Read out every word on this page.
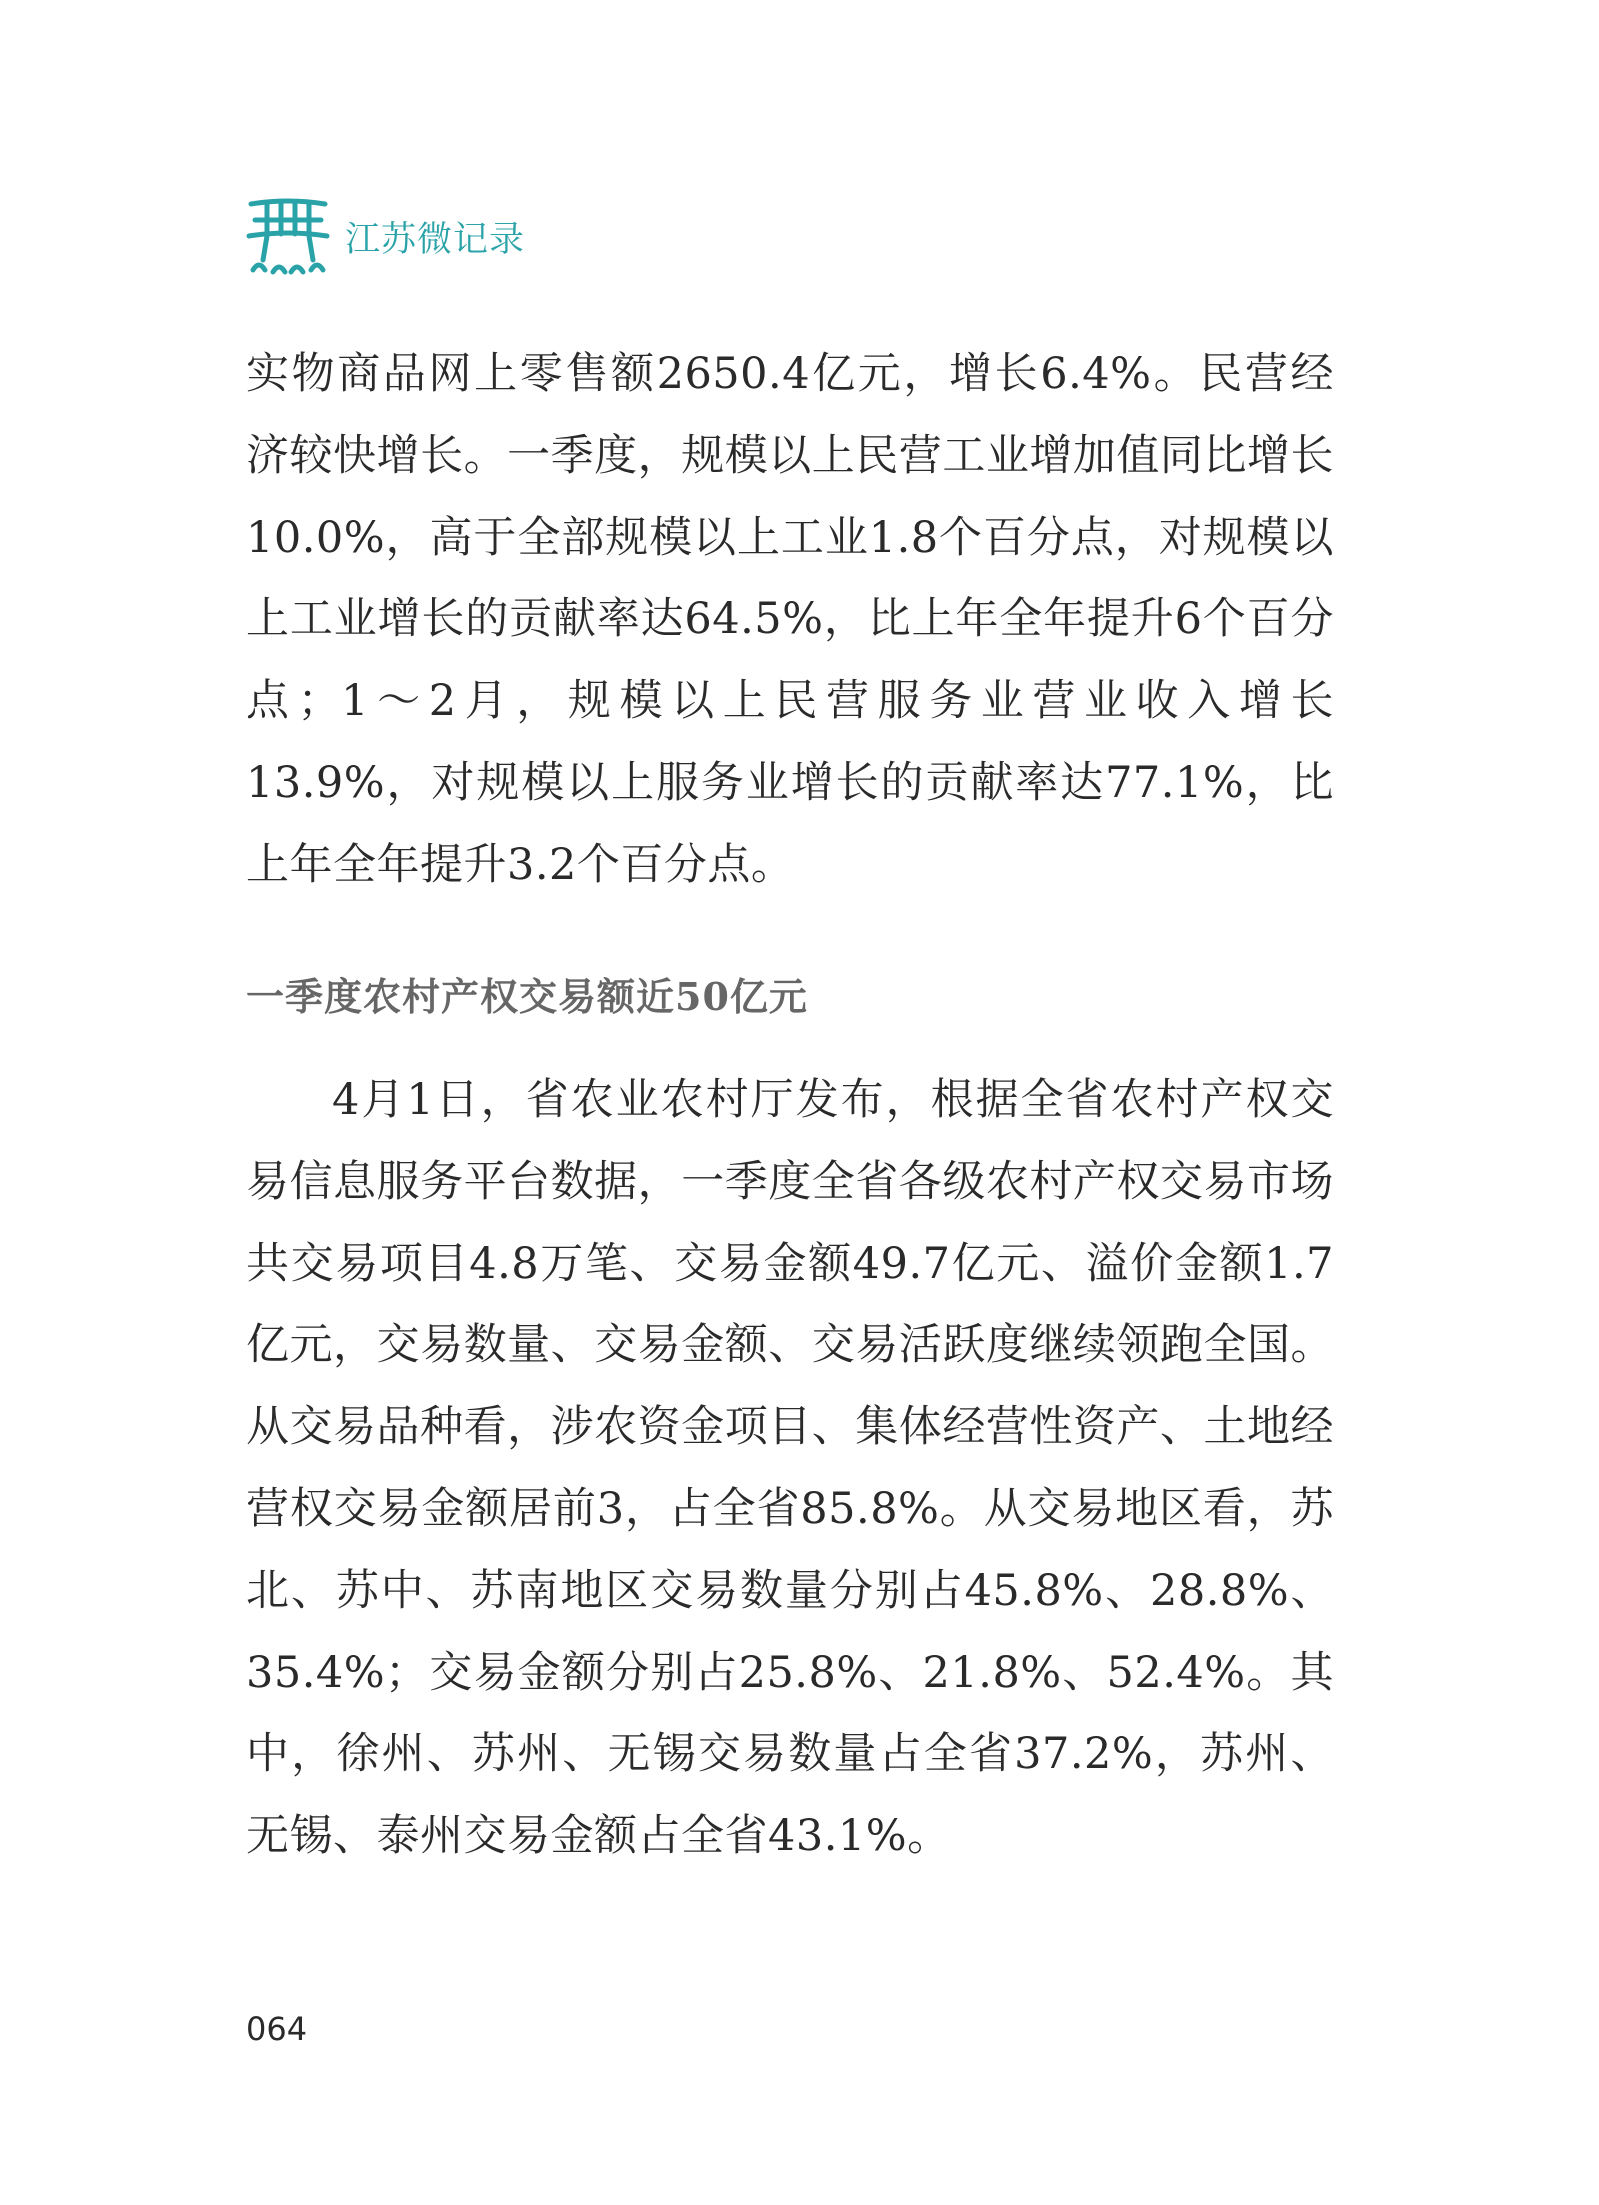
江苏微记录

实物商品网上零售额2650.4亿元，增长6.4%。民营经济较快增长。一季度，规模以上民营工业增加值同比增长10.0%，高于全部规模以上工业1.8个百分点，对规模以上工业增长的贡献率达64.5%，比上年全年提升6个百分点；1～2月，规模以上民营服务业营业收入增长13.9%，对规模以上服务业增长的贡献率达77.1%，比上年全年提升3.2个百分点。

一季度农村产权交易额近50亿元

4月1日，省农业农村厅发布，根据全省农村产权交易信息服务平台数据，一季度全省各级农村产权交易市场共交易项目4.8万笔、交易金额49.7亿元、溢价金额1.7亿元，交易数量、交易金额、交易活跃度继续领跑全国。从交易品种看，涉农资金项目、集体经营性资产、土地经营权交易金额居前3，占全省85.8%。从交易地区看，苏北、苏中、苏南地区交易数量分别占45.8%、28.8%、35.4%；交易金额分别占25.8%、21.8%、52.4%。其中，徐州、苏州、无锡交易数量占全省37.2%，苏州、无锡、泰州交易金额占全省43.1%。

064
